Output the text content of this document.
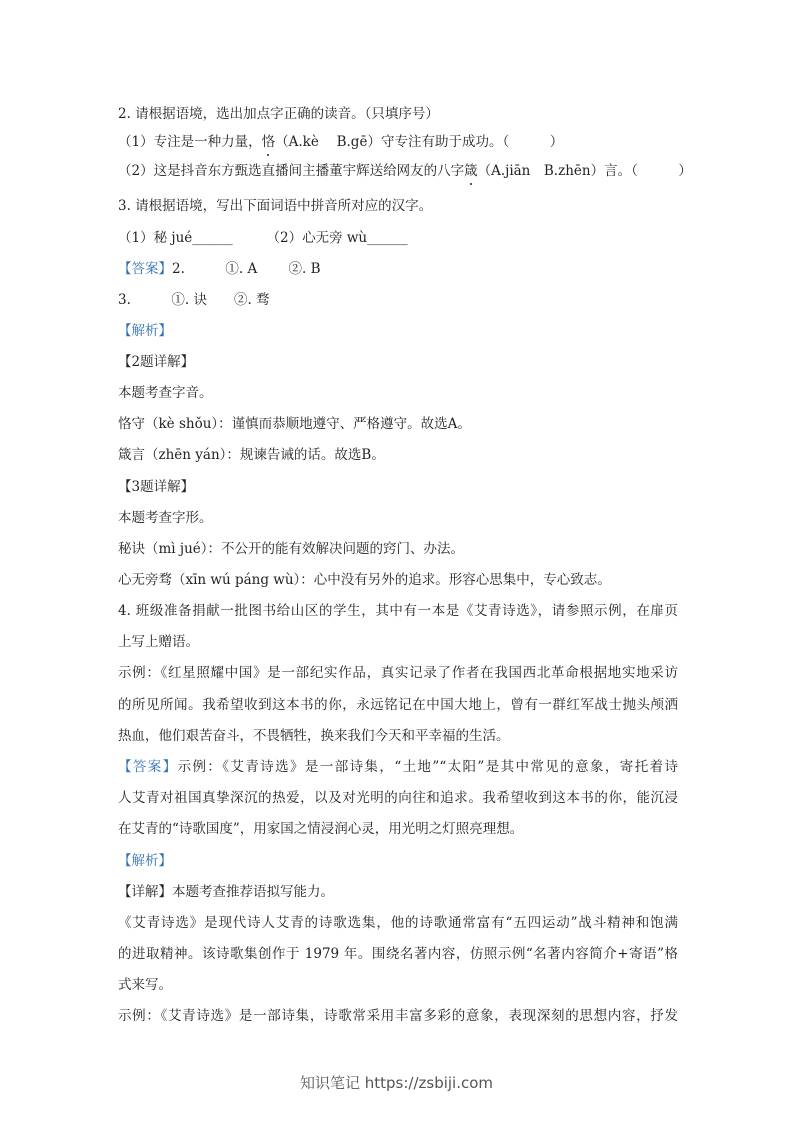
2. 请根据语境，选出加点字正确的读音。（只填序号）
（1）专注是一种力量，恪（A.kè　 B.gē）守专注有助于成功。（　　　）
（2）这是抖音东方甄选直播间主播董宇辉送给网友的八字箴（A.jiān　B.zhēn）言。（　　　）
3. 请根据语境，写出下面词语中拼音所对应的汉字。
（1）秘 jué______　　　（2）心无旁 wù______
【答案】2.　　　①. A　　 ②. B
3.　　　①. 诀　　②. 骛
【解析】
【2题详解】
本题考查字音。
恪守（kè shǒu）：谨慎而恭顺地遵守、严格遵守。故选A。
箴言（zhēn yán）：规谏告诫的话。故选B。
【3题详解】
本题考查字形。
秘诀（mì jué）：不公开的能有效解决问题的窍门、办法。
心无旁骛（xīn wú páng wù）：心中没有另外的追求。形容心思集中，专心致志。
4. 班级准备捐献一批图书给山区的学生，其中有一本是《艾青诗选》，请参照示例，在扉页
上写上赠语。
示例：《红星照耀中国》是一部纪实作品，真实记录了作者在我国西北革命根据地实地采访
的所见所闻。我希望收到这本书的你，永远铭记在中国大地上，曾有一群红军战士抛头颅洒
热血，他们艰苦奋斗，不畏牺牲，换来我们今天和平幸福的生活。
【答案】示例：《艾青诗选》是一部诗集，“土地”“太阳”是其中常见的意象，寄托着诗
人艾青对祖国真挚深沉的热爱，以及对光明的向往和追求。我希望收到这本书的你，能沉浸
在艾青的“诗歌国度”，用家国之情浸润心灵，用光明之灯照亮理想。
【解析】
【详解】本题考查推荐语拟写能力。
《艾青诗选》是现代诗人艾青的诗歌选集，他的诗歌通常富有“五四运动”战斗精神和饱满
的进取精神。该诗歌集创作于 1979 年。围绕名著内容，仿照示例“名著内容简介+寄语”格
式来写。
示例：《艾青诗选》是一部诗集，诗歌常采用丰富多彩的意象，表现深刻的思想内容，抒发
知识笔记 https://zsbiji.com
